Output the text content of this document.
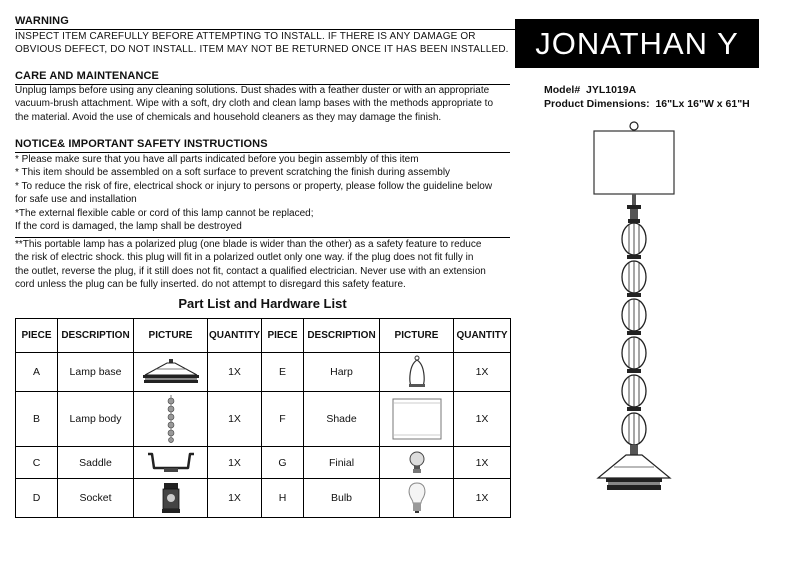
WARNING
INSPECT ITEM CAREFULLY BEFORE ATTEMPTING TO INSTALL. IF THERE IS ANY DAMAGE OR
OBVIOUS DEFECT, DO NOT INSTALL. ITEM MAY NOT BE RETURNED ONCE IT HAS BEEN INSTALLED. JONATHAN Y
CARE AND MAINTENANCE
Unplug lamps before using any cleaning solutions. Dust shades with a feather duster or with an appropriate
vacuum-brush attachment. Wipe with a soft, dry cloth and clean lamp bases with the methods appropriate to
the material. Avoid the use of chemicals and household cleaners as they may damage the finish.
Model# JYL1019A
Product Dimensions: 16"Lx 16"W x 61"H
NOTICE& IMPORTANT SAFETY INSTRUCTIONS
* Please make sure that you have all parts indicated before you begin assembly of this item
* This item should be assembled on a soft surface to prevent scratching the finish during assembly
* To reduce the risk of fire, electrical shock or injury to persons or property, please follow the guideline below
for safe use and installation
*The external flexible cable or cord of this lamp cannot be replaced;
If the cord is damaged, the lamp shall be destroyed
**This portable lamp has a polarized plug (one blade is wider than the other) as a safety feature to reduce
the risk of electric shock. this plug will fit in a polarized outlet only one way. if the plug does not fit fully in
the outlet, reverse the plug, if it still does not fit, contact a qualified electrician. Never use with an extension
cord unless the plug can be fully inserted. do not attempt to disregard this safety feature.
Part List and Hardware List
PIECE	DESCRIPTION	PICTURE	QUANTITY	PIECE	DESCRIPTION	PICTURE	QUANTITY
A	Lamp base		1X	E	Harp		1X
B	Lamp body		1X	F	Shade		1X
C	Saddle		1X	G	Finial		1X
D	Socket		1X	H	Bulb		1X
